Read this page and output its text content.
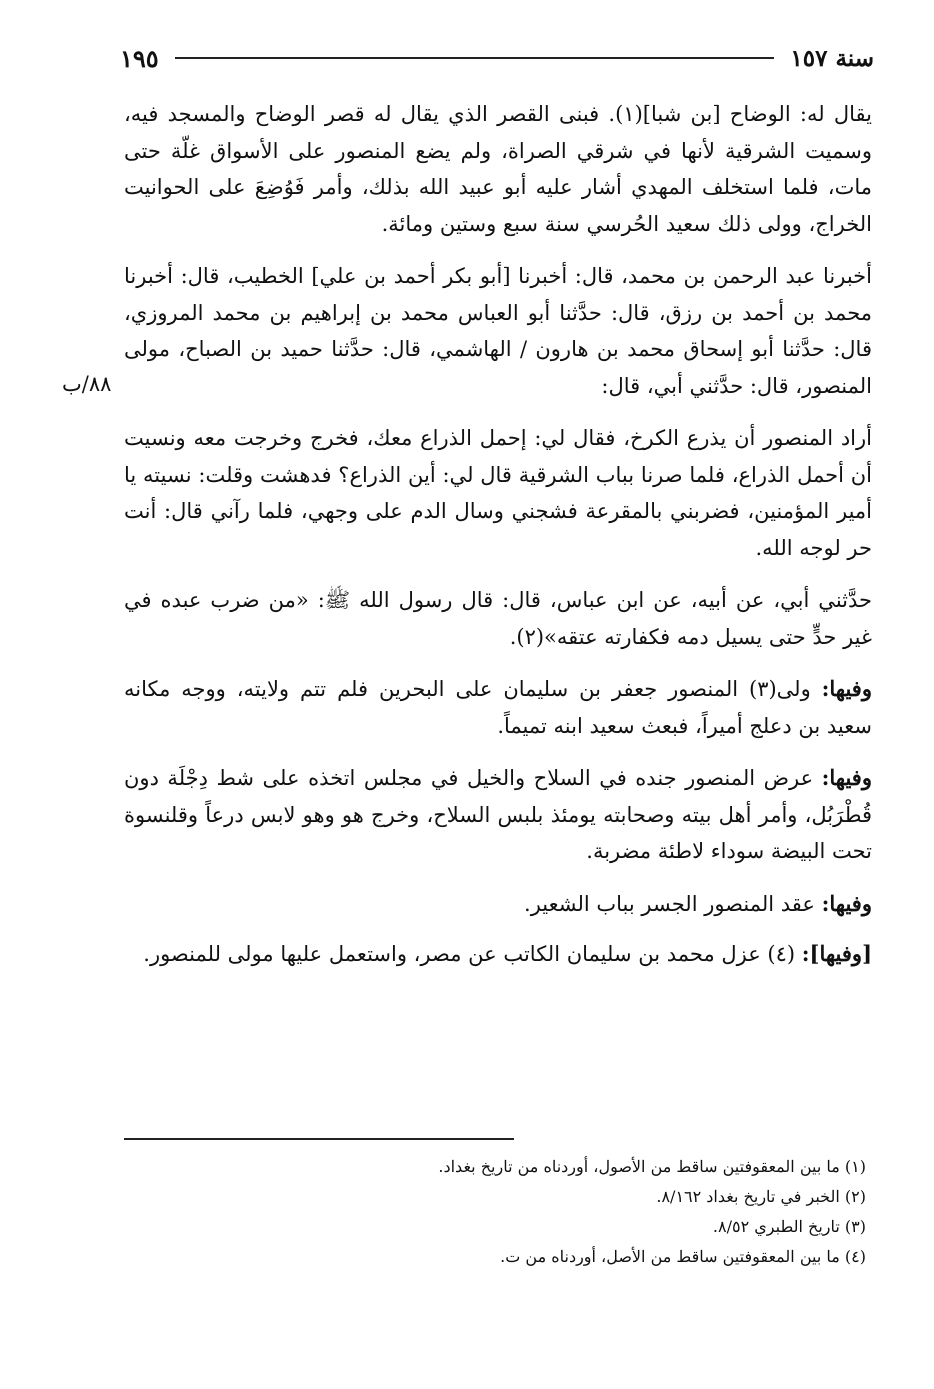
سنة ١٥٧
١٩٥
٨٨/ب

يقال له: الوضاح [بن شبا](١). فبنى القصر الذي يقال له قصر الوضاح والمسجد فيه، وسميت الشرقية لأنها في شرقي الصراة، ولم يضع المنصور على الأسواق غلّة حتى مات، فلما استخلف المهدي أشار عليه أبو عبيد الله بذلك، وأمر فَوُضِعَ على الحوانيت الخراج، وولى ذلك سعيد الحُرسي سنة سبع وستين ومائة.

أخبرنا عبد الرحمن بن محمد، قال: أخبرنا [أبو بكر أحمد بن علي] الخطيب، قال: أخبرنا محمد بن أحمد بن رزق، قال: حدَّثنا أبو العباس محمد بن إبراهيم بن محمد المروزي، قال: حدَّثنا أبو إسحاق محمد بن هارون / الهاشمي، قال: حدَّثنا حميد بن الصباح، مولى المنصور، قال: حدَّثني أبي، قال:

أراد المنصور أن يذرع الكرخ، فقال لي: إحمل الذراع معك، فخرج وخرجت معه ونسيت أن أحمل الذراع، فلما صرنا بباب الشرقية قال لي: أين الذراع؟ فدهشت وقلت: نسيته يا أمير المؤمنين، فضربني بالمقرعة فشجني وسال الدم على وجهي، فلما رآني قال: أنت حر لوجه الله.

حدَّثني أبي، عن أبيه، عن ابن عباس، قال: قال رسول الله ﷺ: «من ضرب عبده في غير حدٍّ حتى يسيل دمه فكفارته عتقه»(٢).

وفيها: ولى(٣) المنصور جعفر بن سليمان على البحرين فلم تتم ولايته، ووجه مكانه سعيد بن دعلج أميراً، فبعث سعيد ابنه تميماً.

وفيها: عرض المنصور جنده في السلاح والخيل في مجلس اتخذه على شط دِجْلَة دون قُطْرَبُل، وأمر أهل بيته وصحابته يومئذ بلبس السلاح، وخرج هو وهو لابس درعاً وقلنسوة تحت البيضة سوداء لاطئة مضربة.

وفيها: عقد المنصور الجسر بباب الشعير.

[وفيها]: (٤) عزل محمد بن سليمان الكاتب عن مصر، واستعمل عليها مولى للمنصور.

(١) ما بين المعقوفتين ساقط من الأصول، أوردناه من تاريخ بغداد.

(٢) الخبر في تاريخ بغداد ٨/١٦٢.

(٣) تاريخ الطبري ٨/٥٢.

(٤) ما بين المعقوفتين ساقط من الأصل، أوردناه من ت.
